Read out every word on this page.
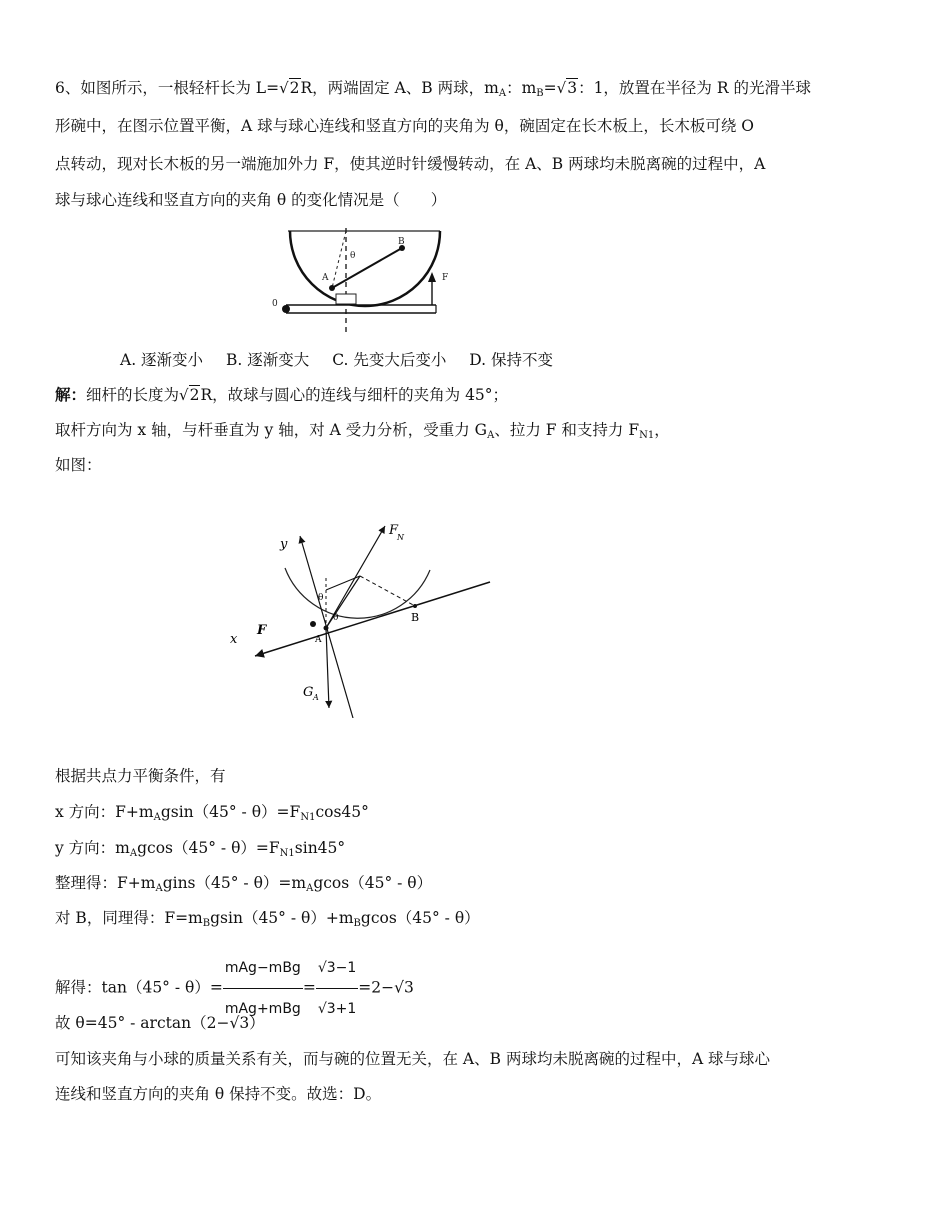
6、如图所示，一根轻杆长为 L=√2R，两端固定 A、B 两球，$m_A$：$m_B=√3$：1，放置在半径为 R 的光滑半球
形碗中，在图示位置平衡，A 球与球心连线和竖直方向的夹角为 θ，碗固定在长木板上，长木板可绕 O
点转动，现对长木板的另一端施加外力 F，使其逆时针缓慢转动，在 A、B 两球均未脱离碗的过程中，A
球与球心连线和竖直方向的夹角 θ 的变化情况是（　　）
A
θ
B
0
F
A. 逐渐变小 B. 逐渐变大 C. 先变大后变小 D. 保持不变
解：细杆的长度为√2R，故球与圆心的连线与细杆的夹角为 45°；
取杆方向为 x 轴，与杆垂直为 y 轴，对 A 受力分析，受重力 $G_A$、拉力 F 和支持力 $F_{N1}$，
如图：
y
x
F
F
N
G A
A
B
θ
θ
根据共点力平衡条件，有
x 方向：$F+m_Agsin(45^\circ - \theta)=F_{N1}\cos 45^\circ$
y 方向：$m_Agcos(45^\circ - \theta)=F_{N1}\sin 45^\circ$
整理得：$F+m_Agins(45^\circ - \theta)=m_Agcos(45^\circ - \theta)$
对 B，同理得：$F=m_Bgsin(45^\circ - \theta)+m_Bgcos(45^\circ - \theta)$
解得：$\tan(45^\circ - \theta)= \frac{\text{mAg−mBg}}{\text{mAg+mBg}} = \frac{√3-1}{√3+1} =2-√3$
故 θ=45° - arctan（2−√3）
可知该夹角与小球的质量关系有关，而与碗的位置无关，在 A、B 两球均未脱离碗的过程中，A 球与球心
连线和竖直方向的夹角 θ 保持不变。故选：D。
